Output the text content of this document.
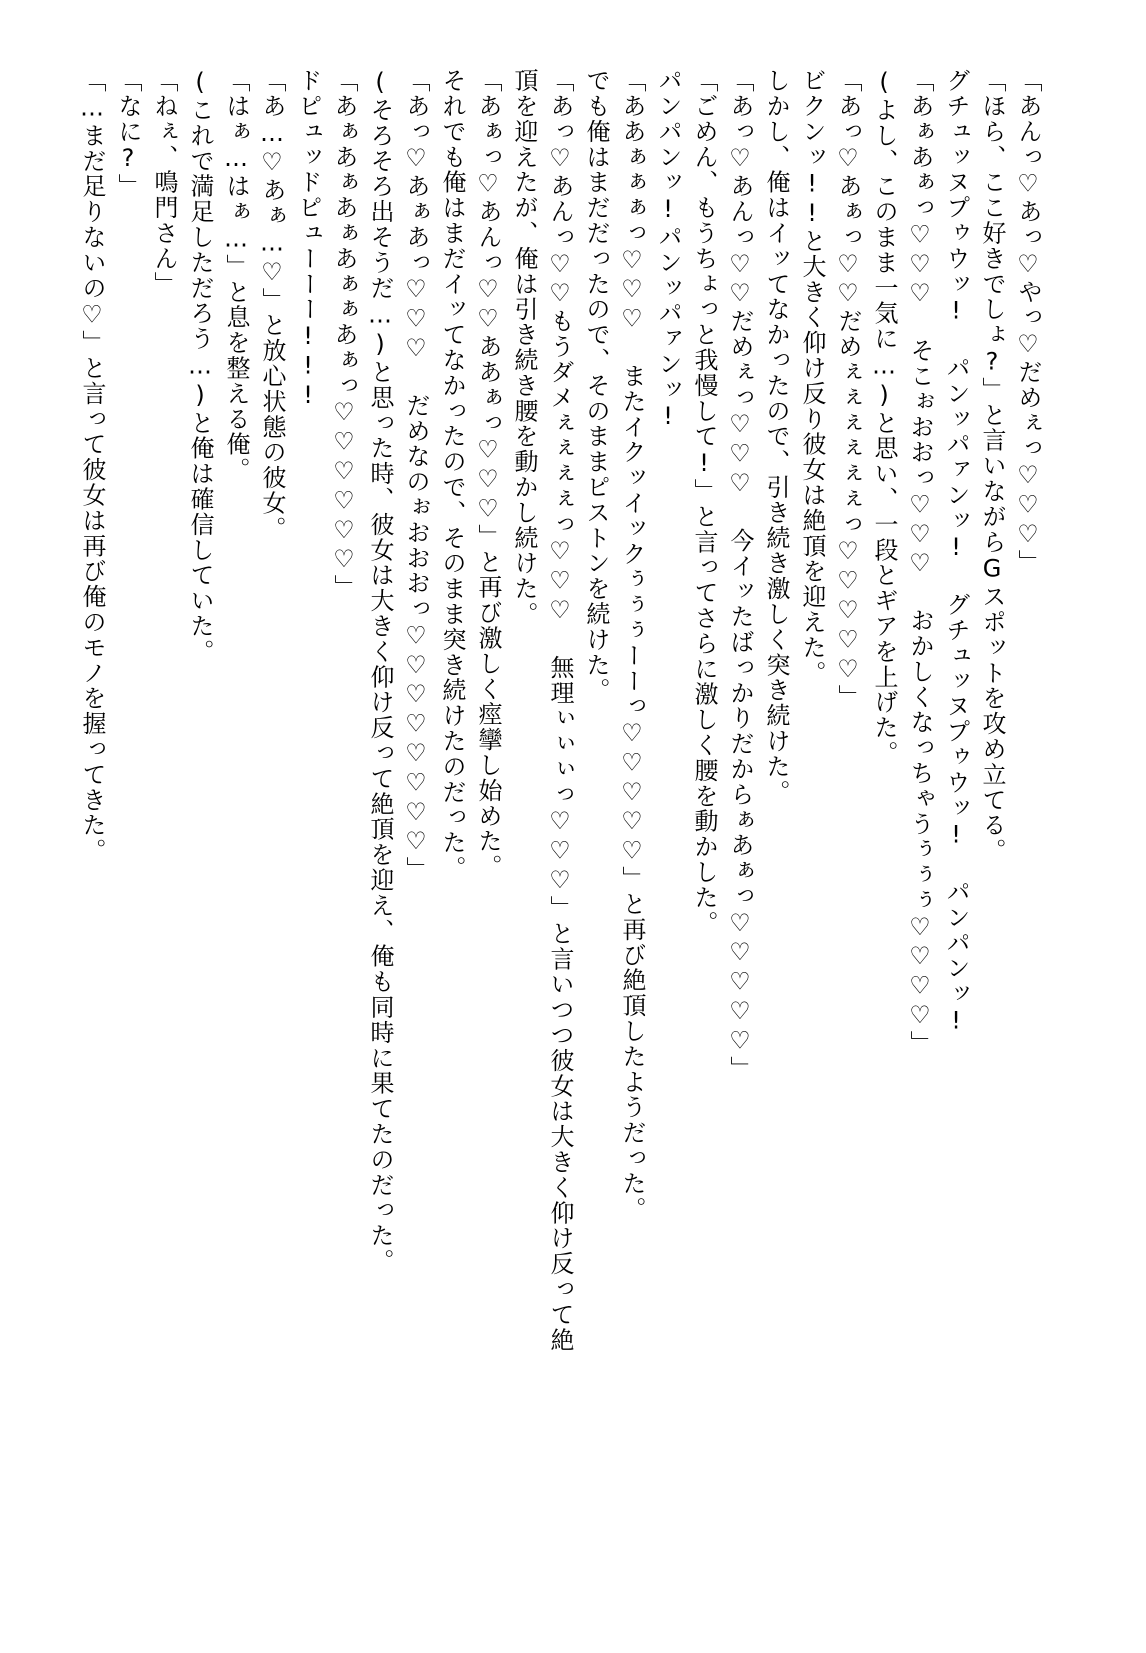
「あんっ♡あっ♡やっ♡だめぇっ♡♡♡」
「ほら、ここ好きでしょ?」と言いながらGスポットを攻め立てる。
グチュッヌプゥウッ! パンッパァンッ! グチュッヌプゥウッ! パンパンッ!
「あぁあぁっ♡♡♡ そこぉおおっ♡♡♡ おかしくなっちゃうぅぅぅ♡♡♡♡」
(よし、このまま一気に…)と思い、一段とギアを上げた。
「あっ♡あぁっ♡♡だめぇぇぇぇぇぇっ♡♡♡♡♡」
ビクンッ!!と大きく仰け反り彼女は絶頂を迎えた。
しかし、俺はイッてなかったので、引き続き激しく突き続けた。
「あっ♡あんっ♡♡だめぇっ♡♡♡ 今イッたばっかりだからぁあぁっ♡♡♡♡♡」
「ごめん、もうちょっと我慢して!」と言ってさらに激しく腰を動かした。
パンパンッ!パンッパァンッ!
「ああぁぁぁっ♡♡♡ またイクッイックぅぅぅーーっ♡♡♡♡♡」と再び絶頂したようだった。
でも俺はまだだったので、そのままピストンを続けた。
「あっ♡あんっ♡♡もうダメぇぇぇぇっ♡♡♡ 無理ぃぃぃっ♡♡♡」と言いつつ彼女は大きく仰け反って絶
頂を迎えたが、俺は引き続き腰を動かし続けた。
「あぁっ♡あんっ♡♡ああぁっ♡♡♡」と再び激しく痙攣し始めた。
それでも俺はまだイッてなかったので、そのまま突き続けたのだった。
「あっ♡あぁあっ♡♡♡ だめなのぉおおおっ♡♡♡♡♡♡♡♡」
(そろそろ出そうだ…)と思った時、彼女は大きく仰け反って絶頂を迎え、俺も同時に果てたのだった。
「あぁあぁあぁあぁぁあぁっ♡♡♡♡♡♡」
ドピュッドピューーー!!!
「あ…♡あぁ…♡」と放心状態の彼女。
「はぁ…はぁ…」と息を整える俺。
(これで満足しただろう…)と俺は確信していた。
「ねぇ、鳴門さん」
「なに?」
「…まだ足りないの♡」と言って彼女は再び俺のモノを握ってきた。
